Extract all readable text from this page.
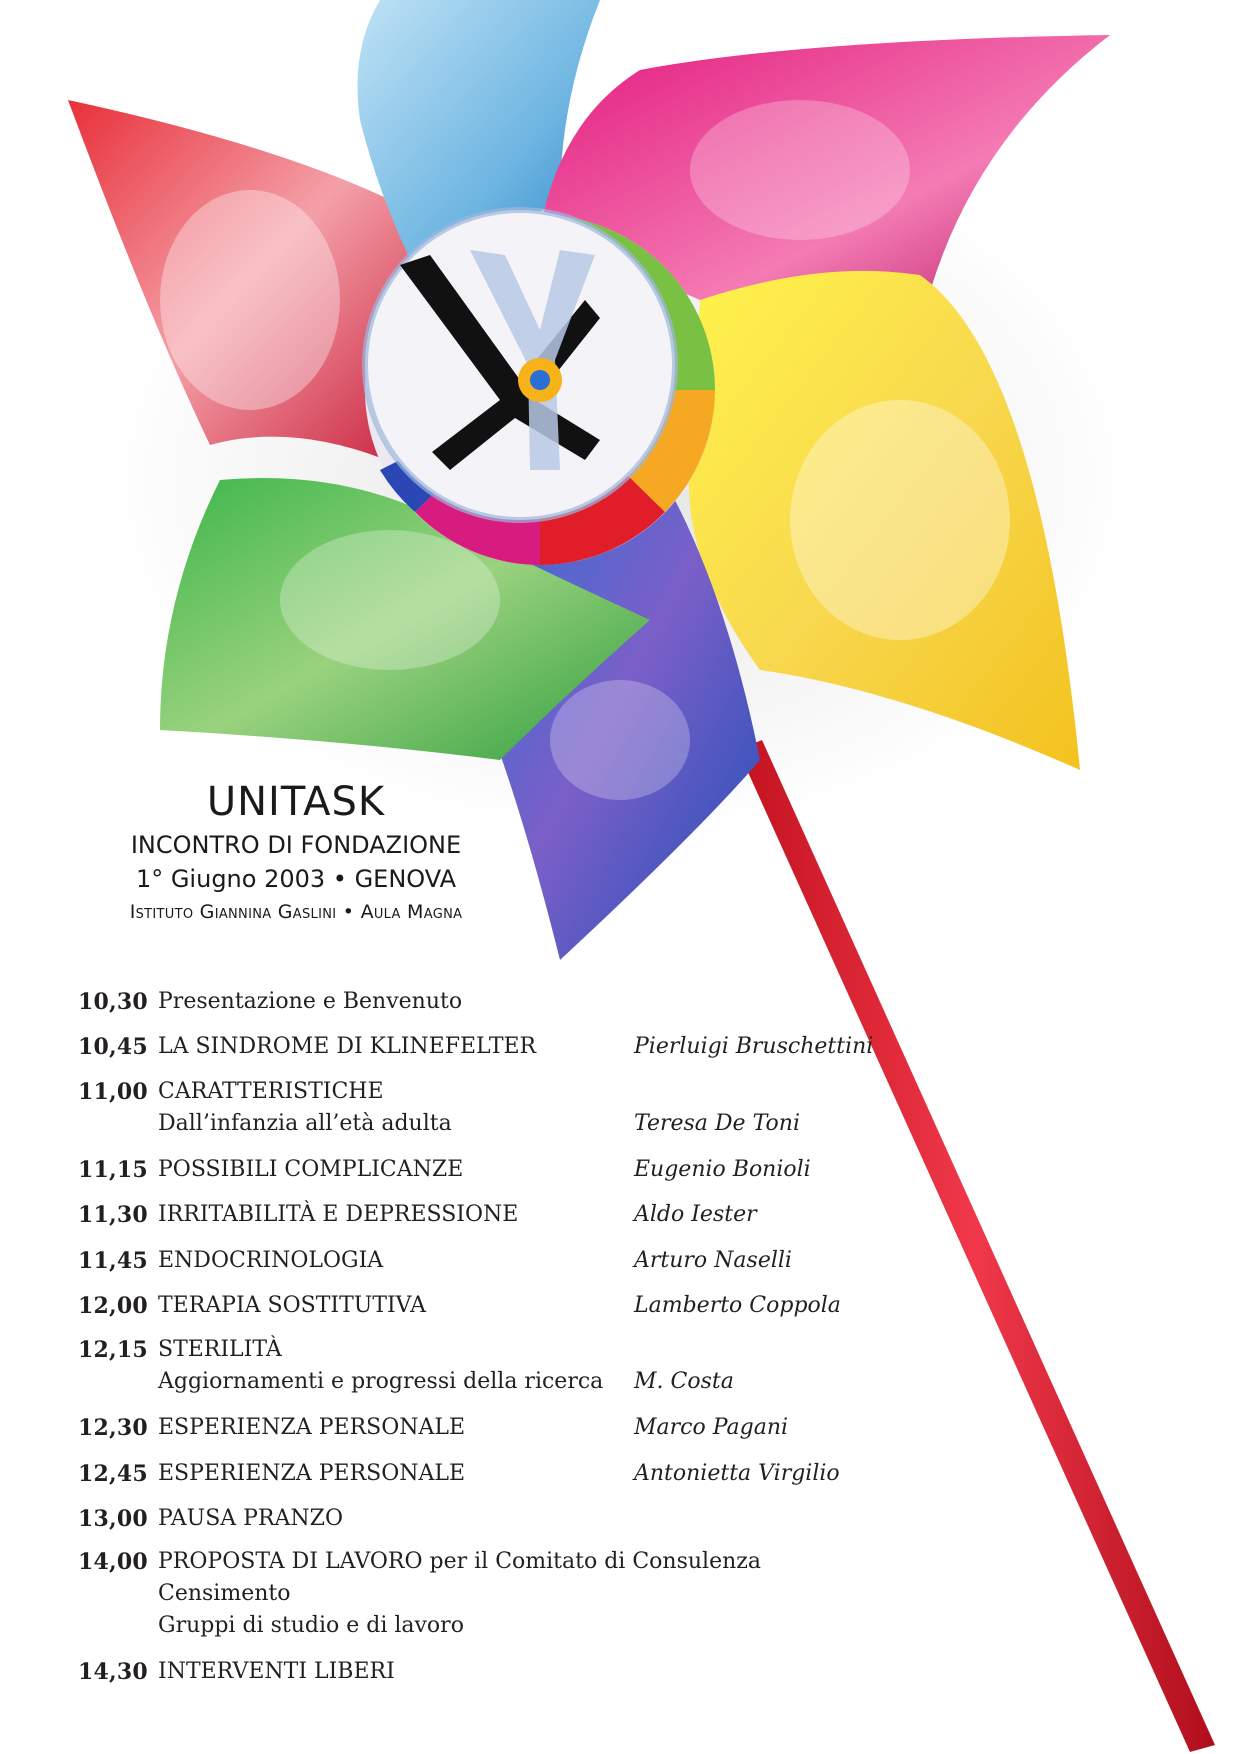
UNITASK
INCONTRO DI FONDAZIONE
1° Giugno 2003 • GENOVA
Istituto Giannina Gaslini • Aula Magna
10,30 Presentazione e Benvenuto
10,45 LA SINDROME DI KLINEFELTER	Pierluigi Bruschettini
11,00 CARATTERISTICHE
Dall’infanzia all’età adulta	Teresa De Toni
11,15 POSSIBILI COMPLICANZE	Eugenio Bonioli
11,30 IRRITABILITÀ E DEPRESSIONE	Aldo Iester
11,45 ENDOCRINOLOGIA	Arturo Naselli
12,00 TERAPIA SOSTITUTIVA	Lamberto Coppola
12,15 STERILITÀ
Aggiornamenti e progressi della ricerca	M. Costa
12,30 ESPERIENZA PERSONALE	Marco Pagani
12,45 ESPERIENZA PERSONALE	Antonietta Virgilio
13,00 PAUSA PRANZO
14,00 PROPOSTA DI LAVORO per il Comitato di Consulenza
Censimento
Gruppi di studio e di lavoro
14,30 INTERVENTI LIBERI
